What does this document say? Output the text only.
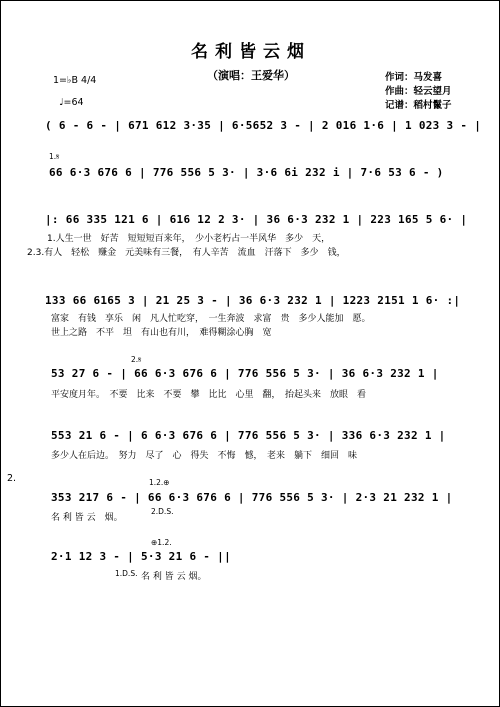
名利皆云烟
（演唱：王爱华）	作词：马发喜
作曲：轻云望月
记谱：稻村鬣子
1=♭B 4/4
♩=64
( 6 - 6 - | 671 612 3·35 | 6·5652 3 - | 2 016 1·6 | 1 023 3 - |
1.𝄋
66 6·3 676 6 | 776 556 5 3· | 3·6 6i 232 i | 7·6 53 6 - )
|: 66 335 121 6 | 616 12 2 3· | 36 6·3 232 1 | 223 165 5 6· |
1.人生一世　好苦　短短短百来年，　少小老朽占一半风华　多少　天，
2.3.有人　轻松　赚金　元美味有三餐，　有人辛苦　流血　汗落下　多少　钱，
133 66 6165 3 | 21 25 3 - | 36 6·3 232 1 | 1223 2151 1 6· :|
富家　有钱　享乐　闲　凡人忙吃穿，　一生奔波　求富　贵　多少人能加　愿。
世上之路　不平　坦　有山也有川，　难得糊涂心胸　宽
2.𝄋
53 27 6 - | 66 6·3 676 6 | 776 556 5 3· | 36 6·3 232 1 |
平安度月年。　不要　比来　不要　攀　比比　心里　翻，　抬起头来　放眼　看
553 21 6 - | 6 6·3 676 6 | 776 556 5 3· | 336 6·3 232 1 |
多少人在后边。　努力　尽了　心　得失　不悔　憾，　老来　躺下　细回　味
2.	1.2.⊕
353 217 6 - | 66 6·3 676 6 | 776 556 5 3· | 2·3 21 232 1 |
名 利 皆 云　烟。
2.D.S.
⊕1.2.
2·1 12 3 - | 5·3 21 6 - ||
1.D.S. 名 利 皆 云 烟。
